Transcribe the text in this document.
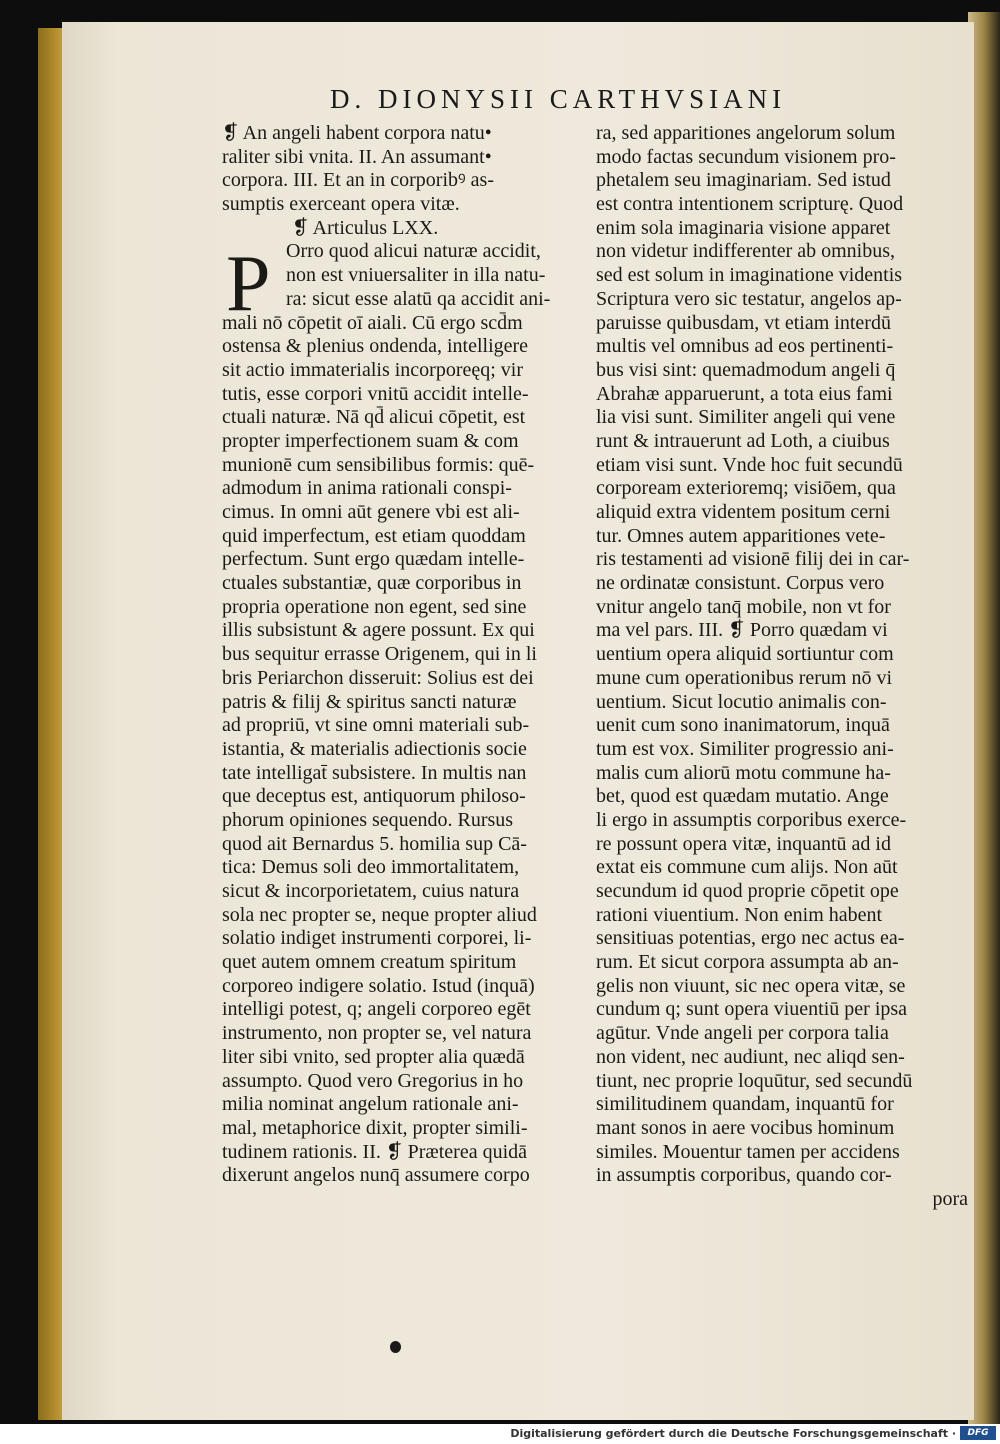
D. DIONYSII CARTHVSIANI
P
❡ An angeli habent corpora natu•
raliter sibi vnita. II. An assumant•
corpora. III. Et an in corporibꝰ as-
sumptis exerceant opera vitæ.
❡ Articulus LXX.
Orro quod alicui naturæ accidit,
non est vniuersaliter in illa natu-
ra: sicut esse alatū qa accidit ani-
mali nō cōpetit oī aiali. Cū ergo scd̄m
ostensa & plenius ondenda, intelligere
sit actio immaterialis incorporeęq; vir
tutis, esse corpori vnitū accidit intelle-
ctuali naturæ. Nā qd̄ alicui cōpetit, est
propter imperfectionem suam & com
munionē cum sensibilibus formis: quē-
admodum in anima rationali conspi-
cimus. In omni aūt genere vbi est ali-
quid imperfectum, est etiam quoddam
perfectum. Sunt ergo quædam intelle-
ctuales substantiæ, quæ corporibus in
propria operatione non egent, sed sine
illis subsistunt & agere possunt. Ex qui
bus sequitur errasse Origenem, qui in li
bris Periarchon disseruit: Solius est dei
patris & filij & spiritus sancti naturæ
ad propriū, vt sine omni materiali sub-
istantia, & materialis adiectionis socie
tate intelligat̄ subsistere. In multis nan
que deceptus est, antiquorum philoso-
phorum opiniones sequendo. Rursus
quod ait Bernardus 5. homilia sup Cā-
tica: Demus soli deo immortalitatem,
sicut & incorporietatem, cuius natura
sola nec propter se, neque propter aliud
solatio indiget instrumenti corporei, li-
quet autem omnem creatum spiritum
corporeo indigere solatio. Istud (inquā)
intelligi potest, q; angeli corporeo egēt
instrumento, non propter se, vel natura
liter sibi vnito, sed propter alia quædā
assumpto. Quod vero Gregorius in ho
milia nominat angelum rationale ani-
mal, metaphorice dixit, propter simili-
tudinem rationis. II. ❡ Præterea quidā
dixerunt angelos nunq̄ assumere corpo
ra, sed apparitiones angelorum solum
modo factas secundum visionem pro-
phetalem seu imaginariam. Sed istud
est contra intentionem scripturę. Quod
enim sola imaginaria visione apparet
non videtur indifferenter ab omnibus,
sed est solum in imaginatione videntis
Scriptura vero sic testatur, angelos ap-
paruisse quibusdam, vt etiam interdū
multis vel omnibus ad eos pertinenti-
bus visi sint: quemadmodum angeli q̄
Abrahæ apparuerunt, a tota eius fami
lia visi sunt. Similiter angeli qui vene
runt & intrauerunt ad Loth, a ciuibus
etiam visi sunt. Vnde hoc fuit secundū
corpoream exterioremq; visiōem, qua
aliquid extra videntem positum cerni
tur. Omnes autem apparitiones vete-
ris testamenti ad visionē filij dei in car-
ne ordinatæ consistunt. Corpus vero
vnitur angelo tanq̄ mobile, non vt for
ma vel pars. III. ❡ Porro quædam vi
uentium opera aliquid sortiuntur com
mune cum operationibus rerum nō vi
uentium. Sicut locutio animalis con-
uenit cum sono inanimatorum, inquā
tum est vox. Similiter progressio ani-
malis cum aliorū motu commune ha-
bet, quod est quædam mutatio. Ange
li ergo in assumptis corporibus exerce-
re possunt opera vitæ, inquantū ad id
extat eis commune cum alijs. Non aūt
secundum id quod proprie cōpetit ope
rationi viuentium. Non enim habent
sensitiuas potentias, ergo nec actus ea-
rum. Et sicut corpora assumpta ab an-
gelis non viuunt, sic nec opera vitæ, se
cundum q; sunt opera viuentiū per ipsa
agūtur. Vnde angeli per corpora talia
non vident, nec audiunt, nec aliqd sen-
tiunt, nec proprie loquūtur, sed secundū
similitudinem quandam, inquantū for
mant sonos in aere vocibus hominum
similes. Mouentur tamen per accidens
in assumptis corporibus, quando cor-
pora
Digitalisierung gefördert durch die Deutsche Forschungsgemeinschaft ·	DFG
